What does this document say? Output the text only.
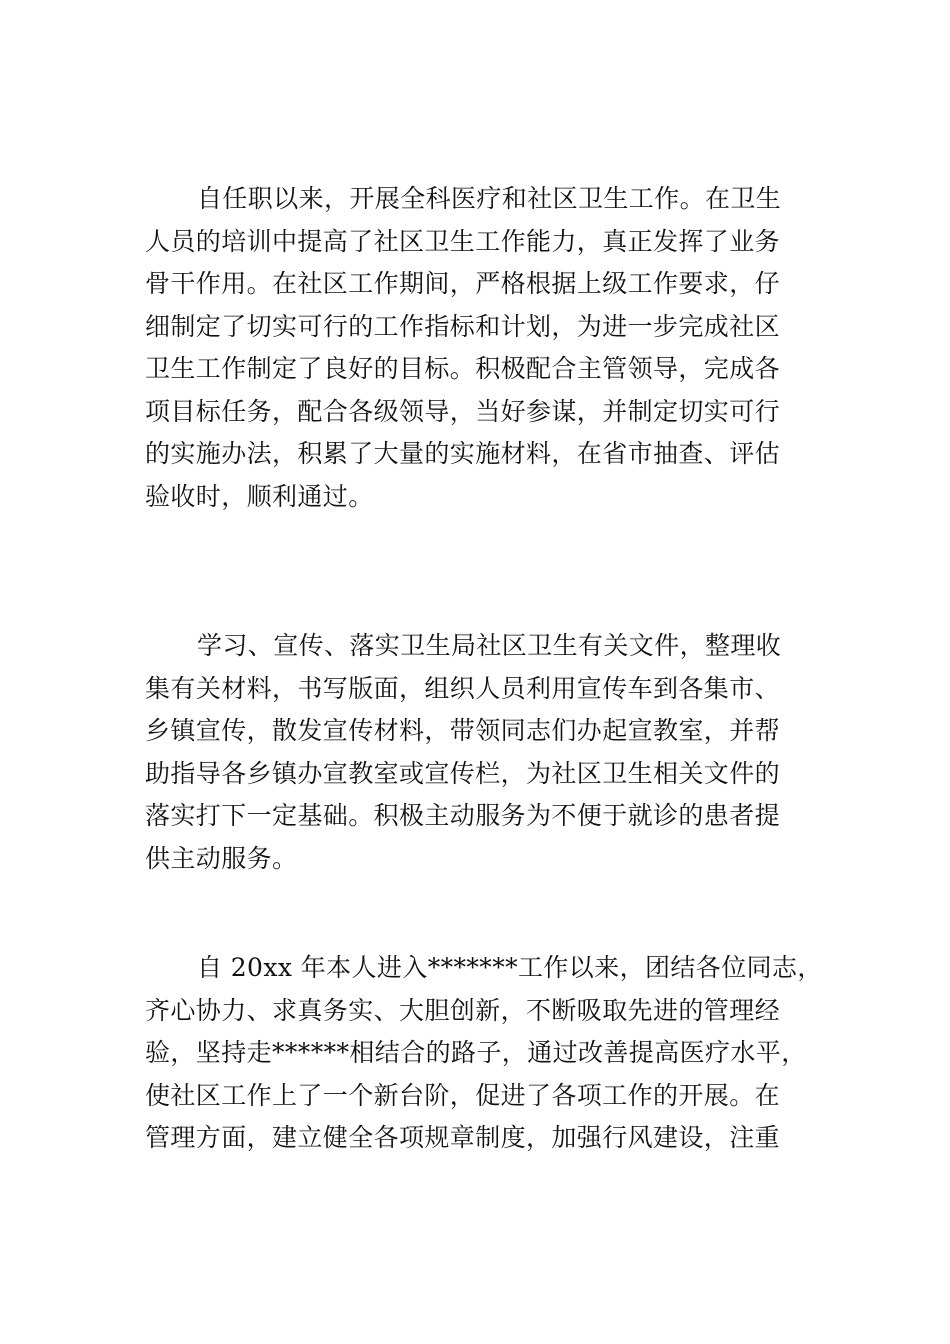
自任职以来，开展全科医疗和社区卫生工作。在卫生
人员的培训中提高了社区卫生工作能力，真正发挥了业务
骨干作用。在社区工作期间，严格根据上级工作要求，仔
细制定了切实可行的工作指标和计划，为进一步完成社区
卫生工作制定了良好的目标。积极配合主管领导，完成各
项目标任务，配合各级领导，当好参谋，并制定切实可行
的实施办法，积累了大量的实施材料，在省市抽查、评估
验收时，顺利通过。
学习、宣传、落实卫生局社区卫生有关文件，整理收
集有关材料，书写版面，组织人员利用宣传车到各集市、
乡镇宣传，散发宣传材料，带领同志们办起宣教室，并帮
助指导各乡镇办宣教室或宣传栏，为社区卫生相关文件的
落实打下一定基础。积极主动服务为不便于就诊的患者提
供主动服务。
自 20xx 年本人进入*******工作以来，团结各位同志，
齐心协力、求真务实、大胆创新，不断吸取先进的管理经
验，坚持走******相结合的路子，通过改善提高医疗水平，
使社区工作上了一个新台阶，促进了各项工作的开展。在
管理方面，建立健全各项规章制度，加强行风建设，注重
